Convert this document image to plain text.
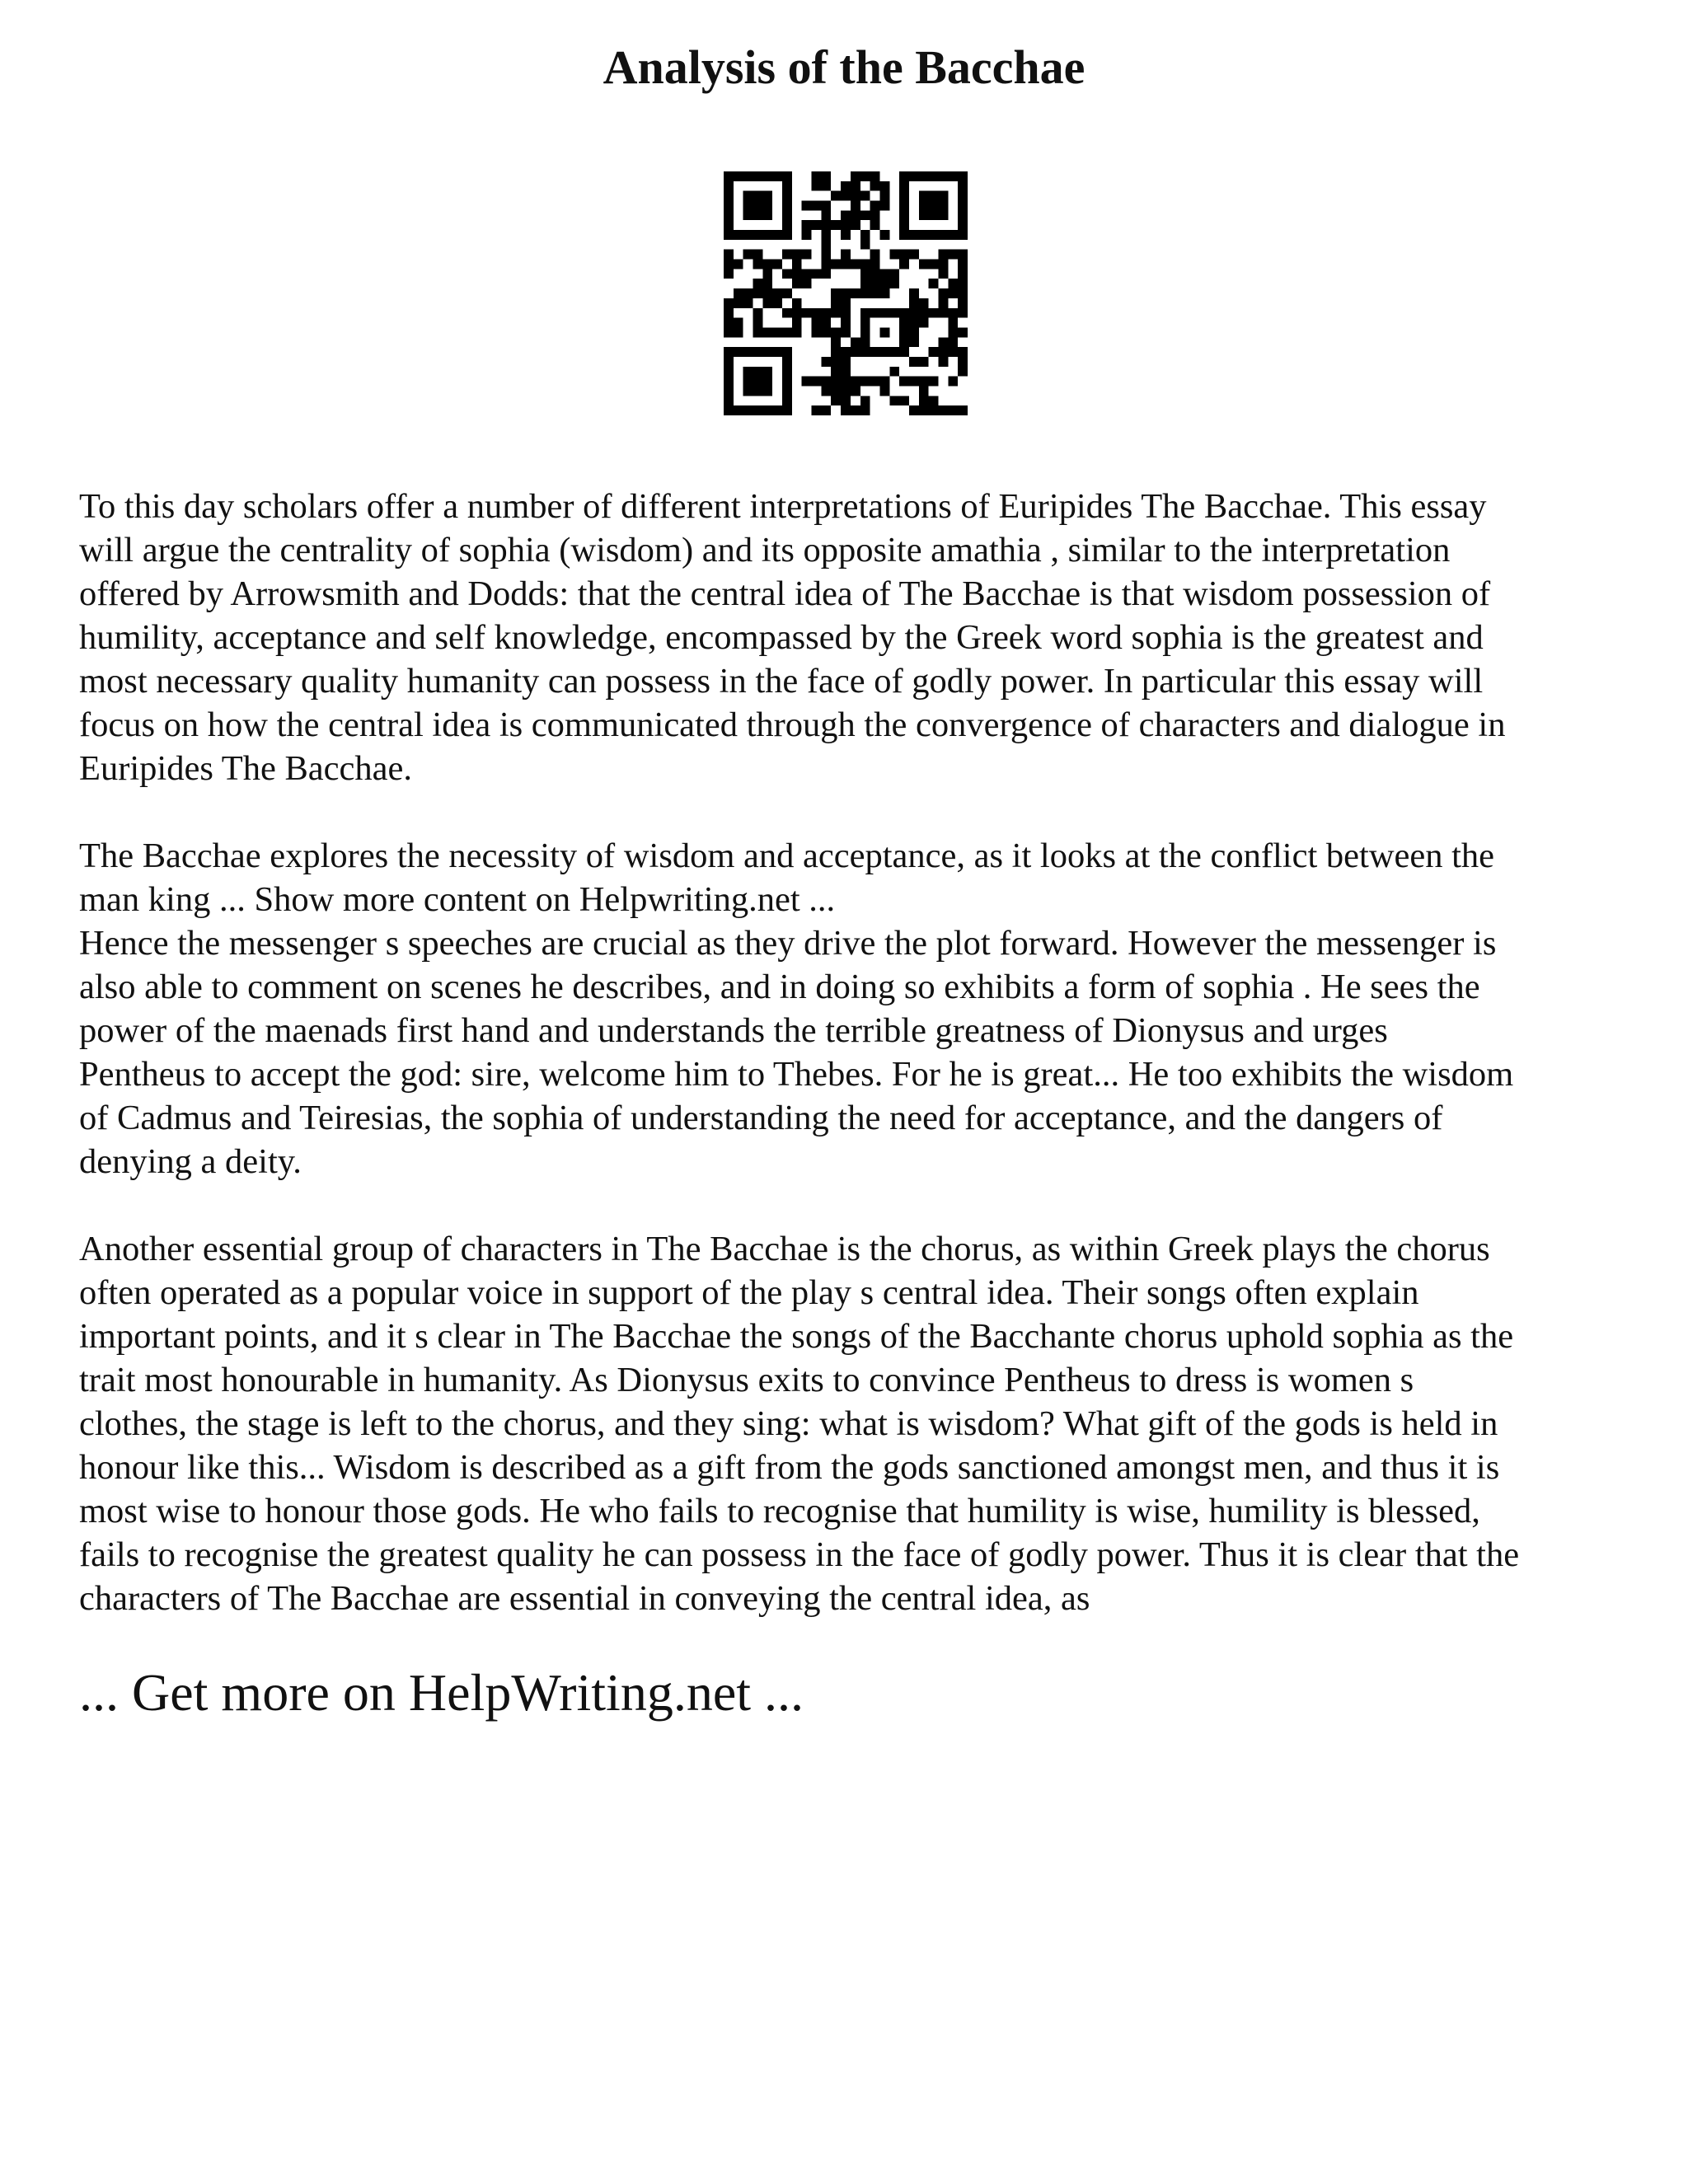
Analysis of the Bacchae

To this day scholars offer a number of different interpretations of Euripides The Bacchae. This essay
will argue the centrality of sophia (wisdom) and its opposite amathia , similar to the interpretation
offered by Arrowsmith and Dodds: that the central idea of The Bacchae is that wisdom possession of
humility, acceptance and self knowledge, encompassed by the Greek word sophia is the greatest and
most necessary quality humanity can possess in the face of godly power. In particular this essay will
focus on how the central idea is communicated through the convergence of characters and dialogue in
Euripides The Bacchae.

The Bacchae explores the necessity of wisdom and acceptance, as it looks at the conflict between the
man king ... Show more content on Helpwriting.net ...

Hence the messenger s speeches are crucial as they drive the plot forward. However the messenger is
also able to comment on scenes he describes, and in doing so exhibits a form of sophia . He sees the
power of the maenads first hand and understands the terrible greatness of Dionysus and urges
Pentheus to accept the god: sire, welcome him to Thebes. For he is great... He too exhibits the wisdom
of Cadmus and Teiresias, the sophia of understanding the need for acceptance, and the dangers of
denying a deity.

Another essential group of characters in The Bacchae is the chorus, as within Greek plays the chorus
often operated as a popular voice in support of the play s central idea. Their songs often explain
important points, and it s clear in The Bacchae the songs of the Bacchante chorus uphold sophia as the
trait most honourable in humanity. As Dionysus exits to convince Pentheus to dress is women s
clothes, the stage is left to the chorus, and they sing: what is wisdom? What gift of the gods is held in
honour like this... Wisdom is described as a gift from the gods sanctioned amongst men, and thus it is
most wise to honour those gods. He who fails to recognise that humility is wise, humility is blessed,
fails to recognise the greatest quality he can possess in the face of godly power. Thus it is clear that the
characters of The Bacchae are essential in conveying the central idea, as

... Get more on HelpWriting.net ...
